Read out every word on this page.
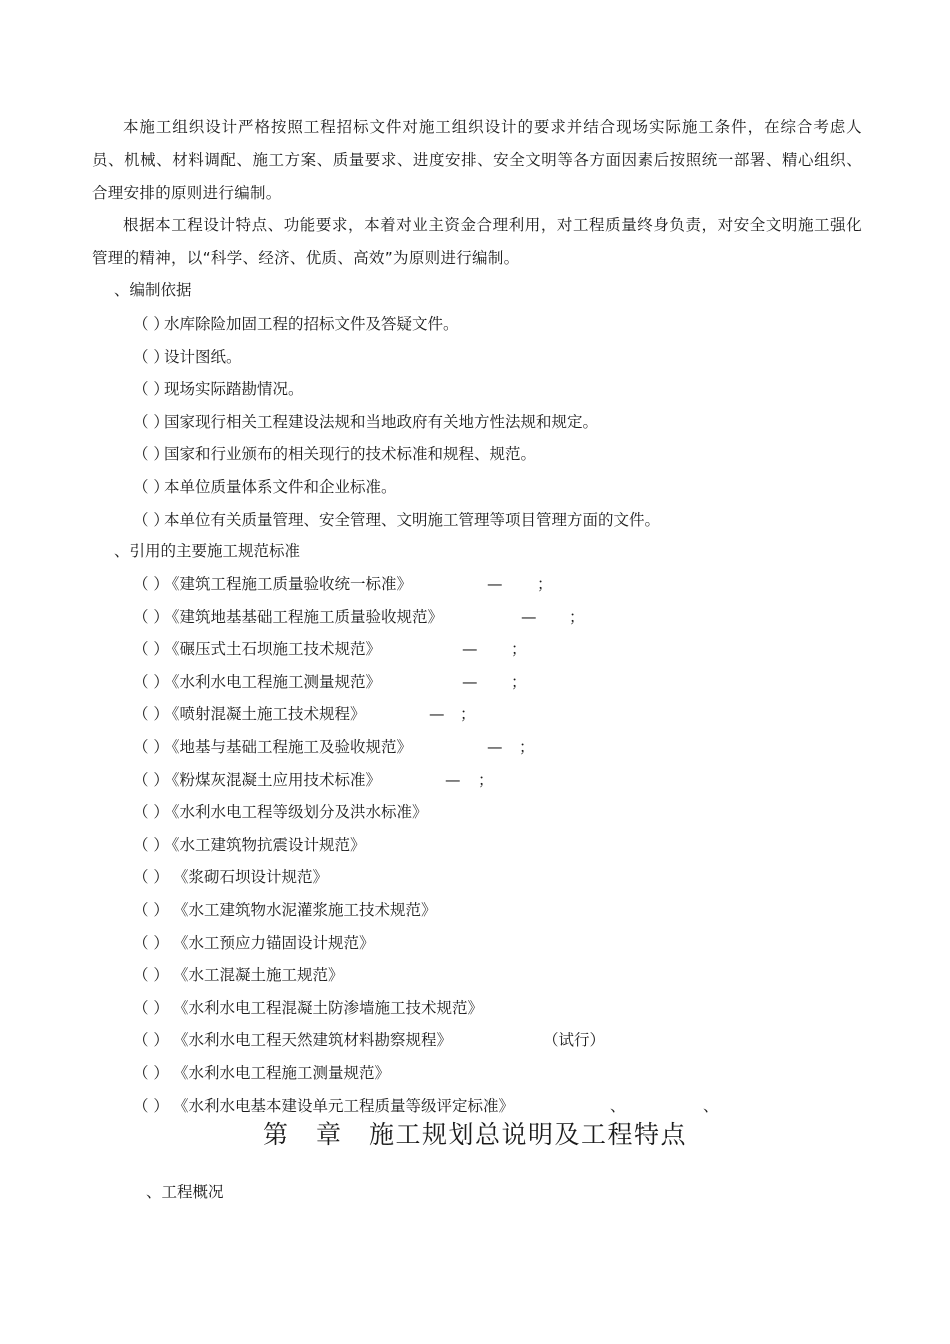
本施工组织设计严格按照工程招标文件对施工组织设计的要求并结合现场实际施工条件，在综合考虑人员、机械、材料调配、施工方案、质量要求、进度安排、安全文明等各方面因素后按照统一部署、精心组织、合理安排的原则进行编制。

根据本工程设计特点、功能要求，本着对业主资金合理利用，对工程质量终身负责，对安全文明施工强化管理的精神，以“科学、经济、优质、高效”为原则进行编制。

、编制依据
（ ）水库除险加固工程的招标文件及答疑文件。
（ ）设计图纸。
（ ）现场实际踏勘情况。
（ ）国家现行相关工程建设法规和当地政府有关地方性法规和规定。
（ ）国家和行业颁布的相关现行的技术标准和规程、规范。
（ ）本单位质量体系文件和企业标准。
（ ）本单位有关质量管理、安全管理、文明施工管理等项目管理方面的文件。
、引用的主要施工规范标准
（ ）《建筑工程施工质量验收统一标准》	— ；
（ ）《建筑地基基础工程施工质量验收规范》	— ；
（ ）《碾压式土石坝施工技术规范》	— ；
（ ）《水利水电工程施工测量规范》	— ；
（ ）《喷射混凝土施工技术规程》	— ；
（ ）《地基与基础工程施工及验收规范》	— ；
（ ）《粉煤灰混凝土应用技术标准》	— ；
（ ）《水利水电工程等级划分及洪水标准》
（ ）《水工建筑物抗震设计规范》
（ ） 《浆砌石坝设计规范》
（ ） 《水工建筑物水泥灌浆施工技术规范》
（ ） 《水工预应力锚固设计规范》
（ ） 《水工混凝土施工规范》
（ ） 《水利水电工程混凝土防渗墙施工技术规范》
（ ） 《水利水电工程天然建筑材料勘察规程》	（试行）
（ ） 《水利水电工程施工测量规范》
（ ） 《水利水电基本建设单元工程质量等级评定标准》	、	、
第　章　施工规划总说明及工程特点
、工程概况
